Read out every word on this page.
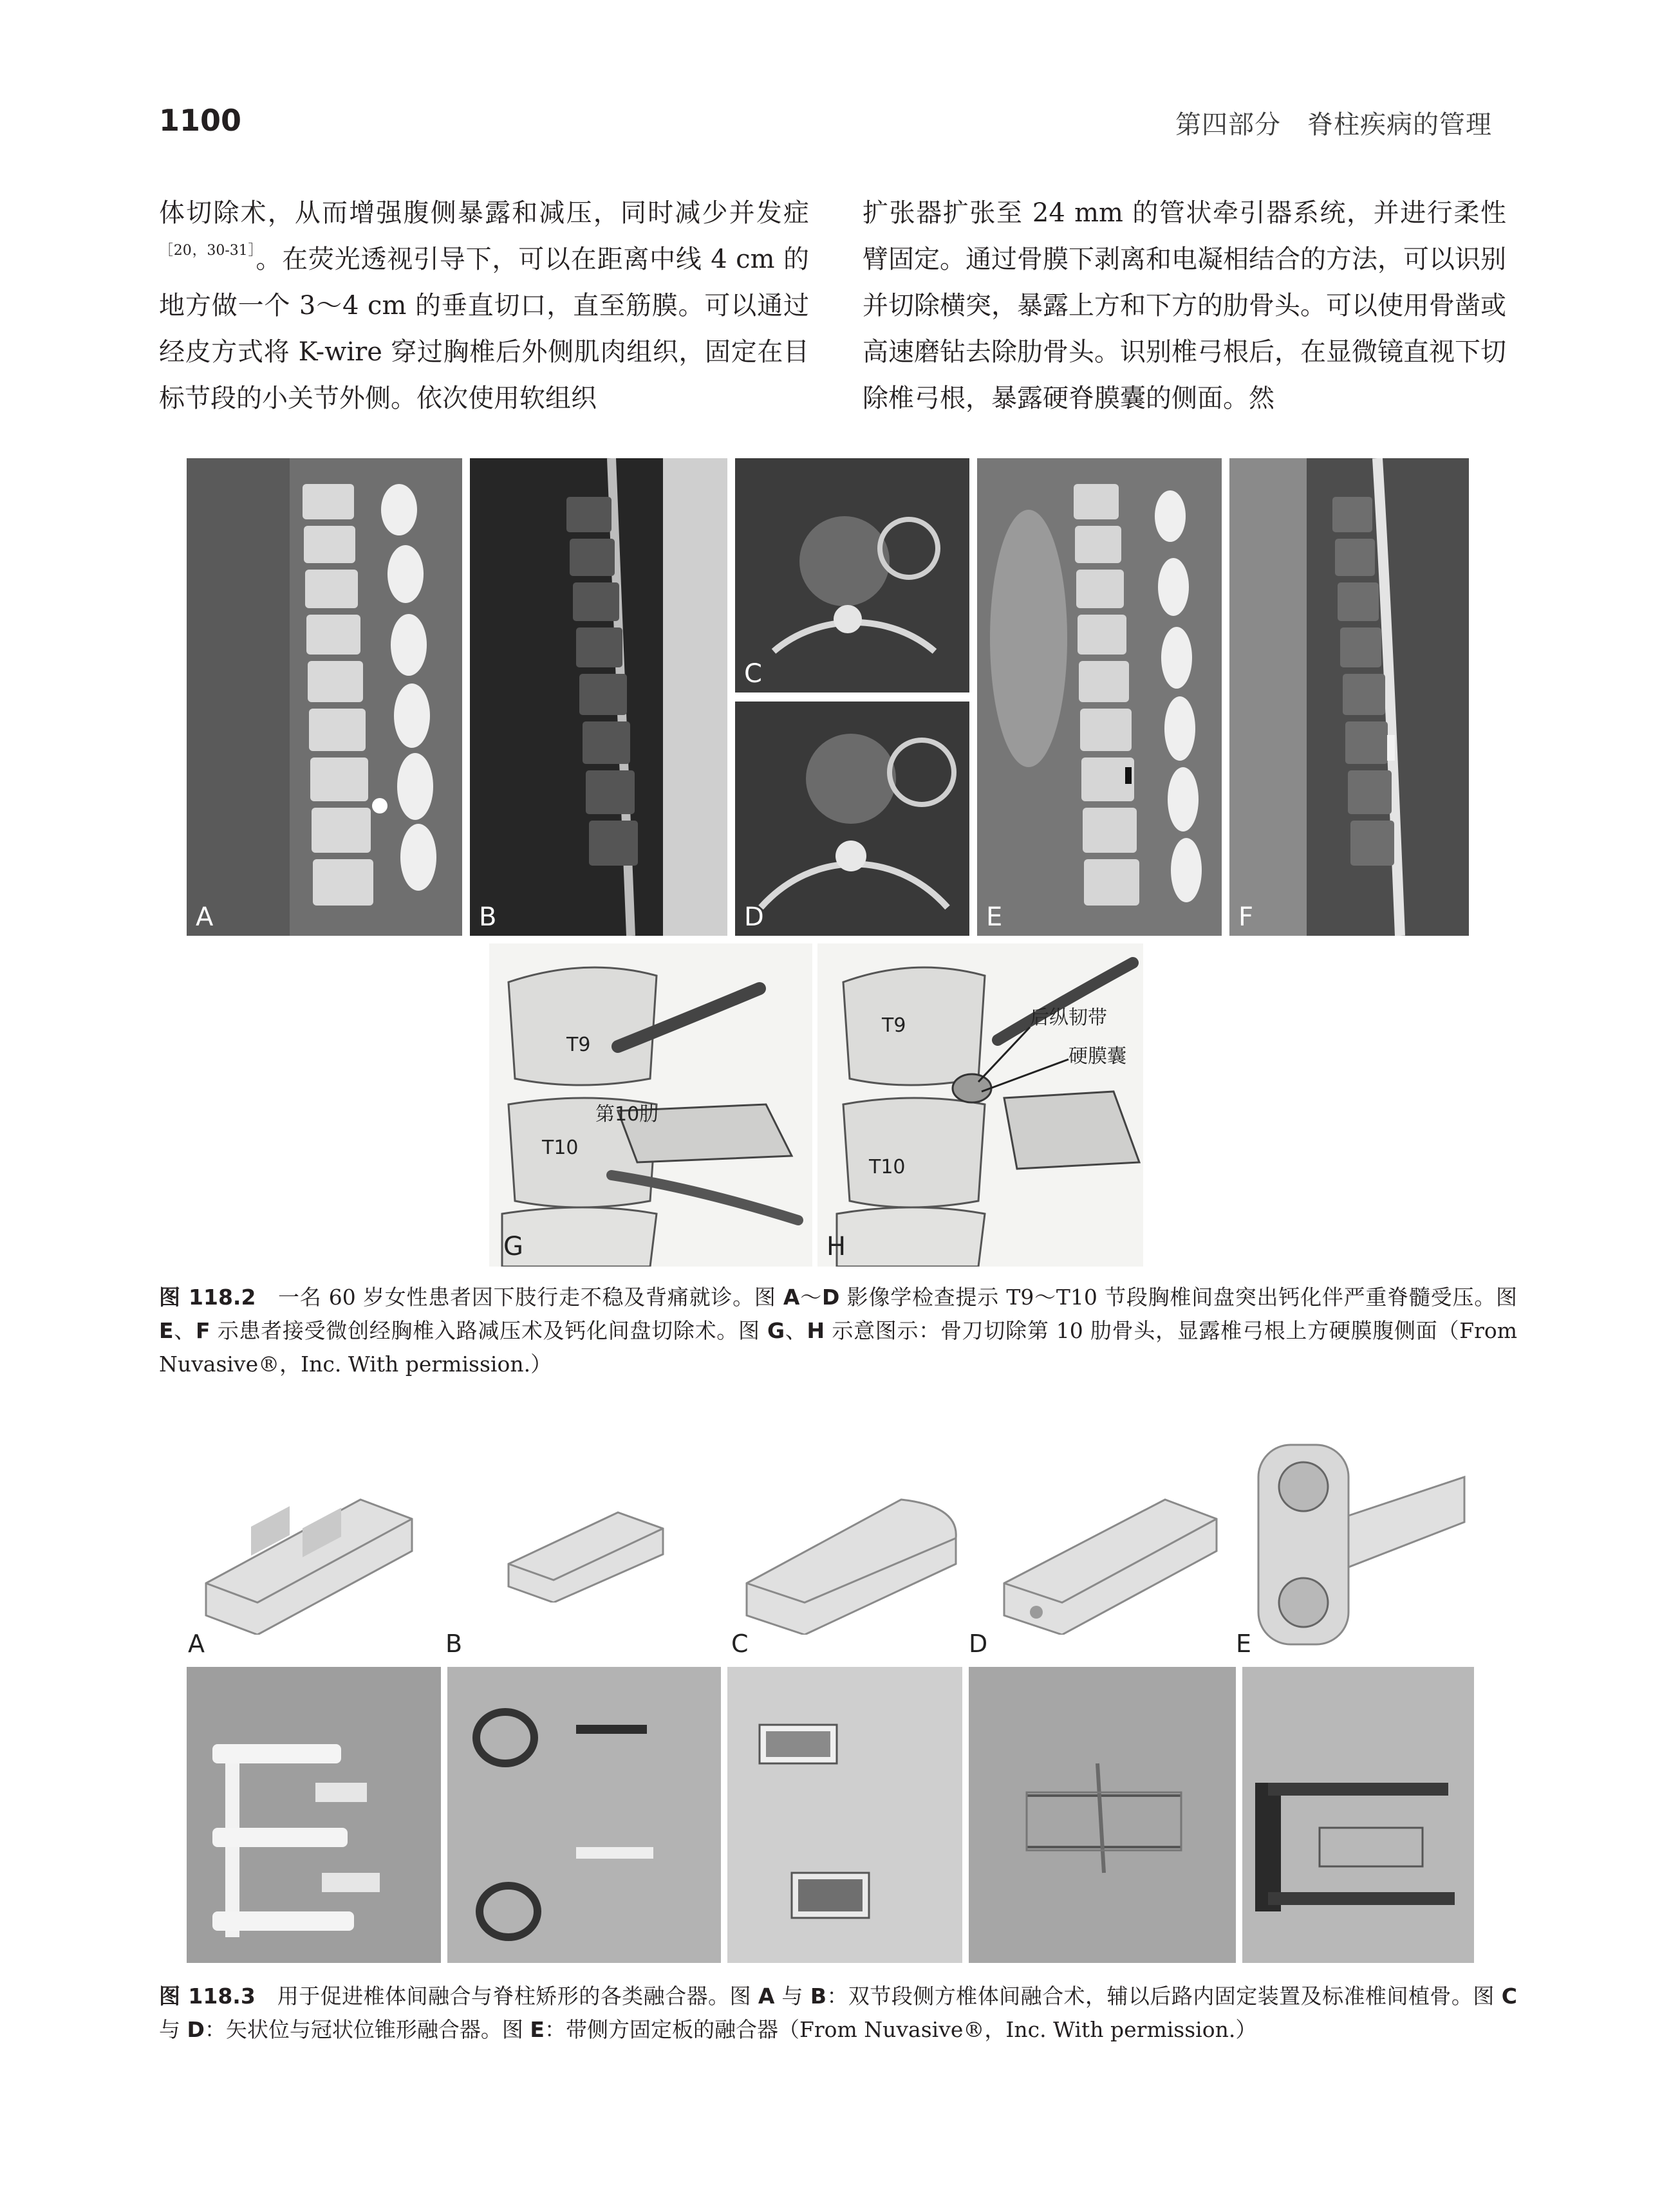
1100	第四部分　脊柱疾病的管理

体切除术，从而增强腹侧暴露和减压，同时减少并发症$^{[20,30-31]}$。在荧光透视引导下，可以在距离中线 4 cm 的地方做一个 3～4 cm 的垂直切口，直至筋膜。可以通过经皮方式将 K-wire 穿过胸椎后外侧肌肉组织，固定在目标节段的小关节外侧。依次使用软组织

扩张器扩张至 24 mm 的管状牵引器系统，并进行柔性臂固定。通过骨膜下剥离和电凝相结合的方法，可以识别并切除横突，暴露上方和下方的肋骨头。可以使用骨凿或高速磨钻去除肋骨头。识别椎弓根后，在显微镜直视下切除椎弓根，暴露硬脊膜囊的侧面。然

A	B
C
D	E	F
T9
第10肋
T10
G
T9
T10
后纵韧带
硬膜囊
H
图 118.2　一名 60 岁女性患者因下肢行走不稳及背痛就诊。图 A～D 影像学检查提示 T9～T10 节段胸椎间盘突出钙化伴严重脊髓受压。图 E、F 示患者接受微创经胸椎入路减压术及钙化间盘切除术。图 G、H 示意图示：骨刀切除第 10 肋骨头，显露椎弓根上方硬膜腹侧面（From Nuvasive®，Inc. With permission.）
A	B	C	D	E
图 118.3　用于促进椎体间融合与脊柱矫形的各类融合器。图 A 与 B：双节段侧方椎体间融合术，辅以后路内固定装置及标准椎间植骨。图 C 与 D：矢状位与冠状位锥形融合器。图 E：带侧方固定板的融合器（From Nuvasive®，Inc. With permission.）
